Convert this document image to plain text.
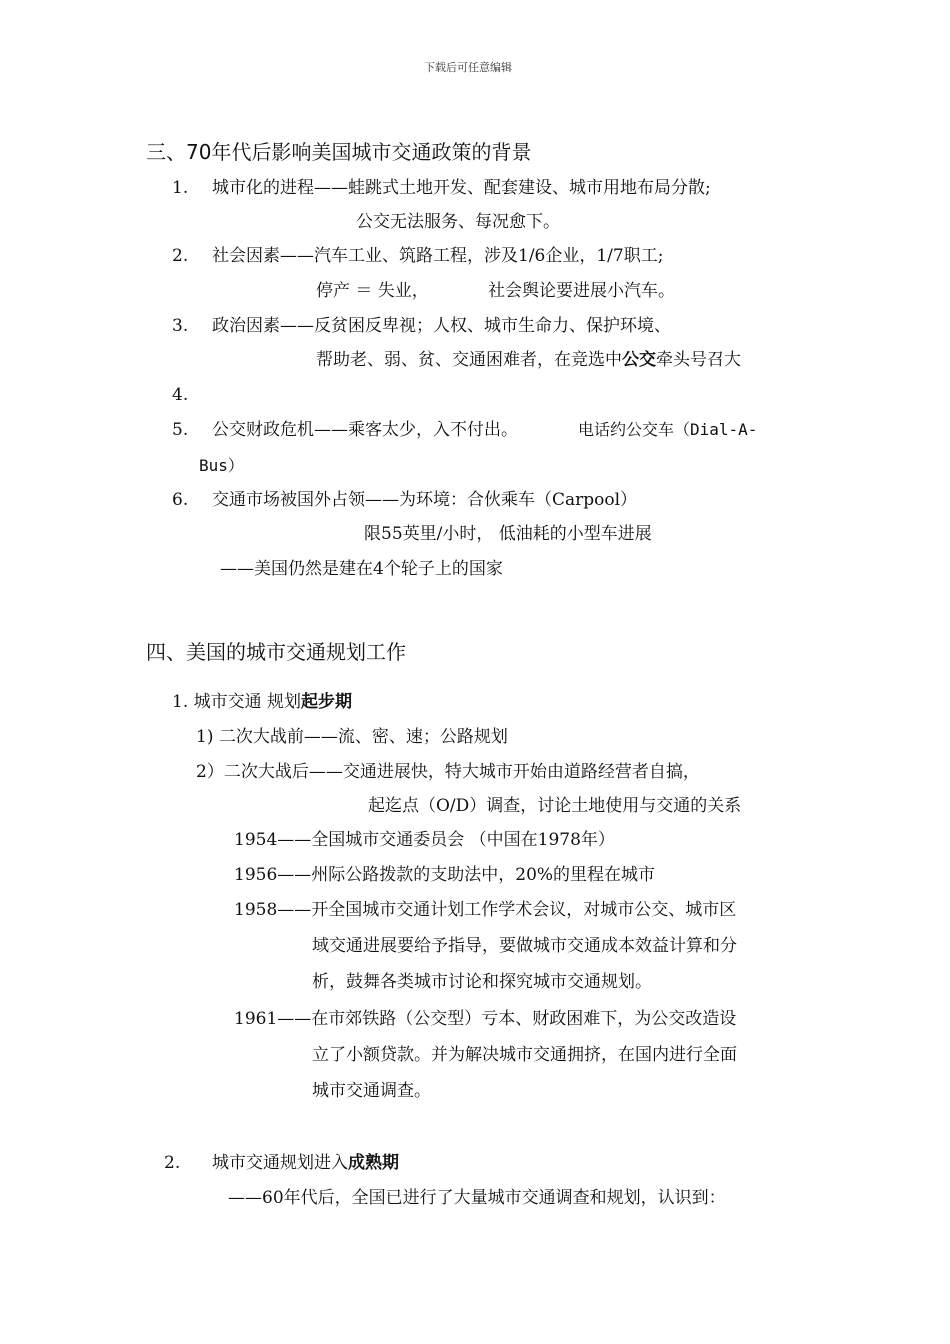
下载后可任意编辑
三、70年代后影响美国城市交通政策的背景
1. 城市化的进程——蛙跳式土地开发、配套建设、城市用地布局分散;
公交无法服务、每况愈下。
2. 社会因素——汽车工业、筑路工程，涉及1/6企业，1/7职工;
停产 ＝ 失业，	社会舆论要进展小汽车。
3. 政治因素——反贫困反卑视；人权、城市生命力、保护环境、
帮助老、弱、贫、交通困难者，在竞选中公交牵头号召大
4.
5. 公交财政危机——乘客太少，入不付出。	电话约公交车（Dial-A-
Bus）
6. 交通市场被国外占领——为环境：合伙乘车（Carpool）
限55英里/小时， 低油耗的小型车进展
——美国仍然是建在4个轮子上的国家
四、美国的城市交通规划工作
1. 城市交通 规划起步期
1) 二次大战前——流、密、速；公路规划
2）二次大战后——交通进展快，特大城市开始由道路经营者自搞，
起迄点（O/D）调查，讨论土地使用与交通的关系
1954——全国城市交通委员会 （中国在1978年）
1956——州际公路拨款的支助法中，20%的里程在城市
1958——开全国城市交通计划工作学术会议，对城市公交、城市区
域交通进展要给予指导，要做城市交通成本效益计算和分
析，鼓舞各类城市讨论和探究城市交通规划。
1961——在市郊铁路（公交型）亏本、财政困难下，为公交改造设
立了小额贷款。并为解决城市交通拥挤，在国内进行全面
城市交通调查。
2. 城市交通规划进入成熟期
——60年代后，全国已进行了大量城市交通调查和规划，认识到：
